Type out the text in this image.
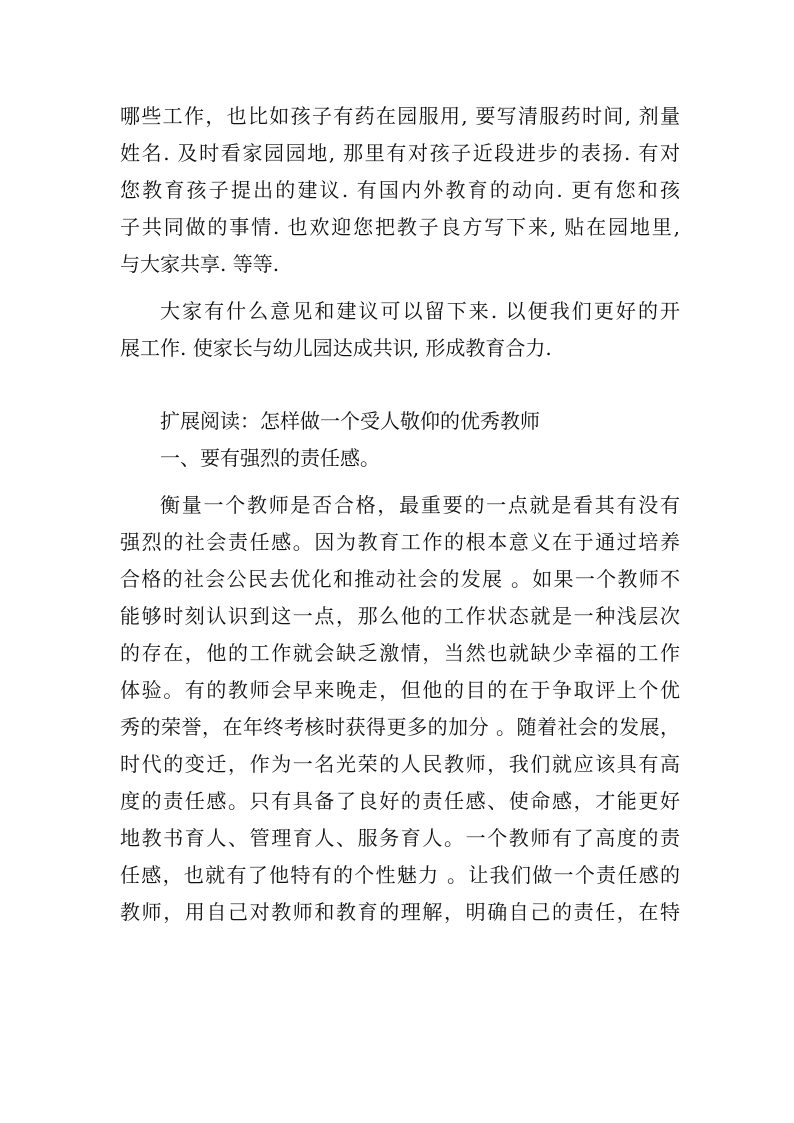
哪些工作，也比如孩子有药在园服用, 要写清服药时间, 剂量
姓名. 及时看家园园地, 那里有对孩子近段进步的表扬. 有对
您教育孩子提出的建议. 有国内外教育的动向. 更有您和孩
子共同做的事情. 也欢迎您把教子良方写下来, 贴在园地里,
与大家共享. 等等.
大家有什么意见和建议可以留下来. 以便我们更好的开
展工作. 使家长与幼儿园达成共识, 形成教育合力.
扩展阅读：怎样做一个受人敬仰的优秀教师
一、要有强烈的责任感。
衡量一个教师是否合格，最重要的一点就是看其有没有
强烈的社会责任感。因为教育工作的根本意义在于通过培养
合格的社会公民去优化和推动社会的发展 。如果一个教师不
能够时刻认识到这一点，那么他的工作状态就是一种浅层次
的存在，他的工作就会缺乏激情，当然也就缺少幸福的工作
体验。有的教师会早来晚走，但他的目的在于争取评上个优
秀的荣誉，在年终考核时获得更多的加分 。随着社会的发展，
时代的变迁，作为一名光荣的人民教师，我们就应该具有高
度的责任感。只有具备了良好的责任感、使命感，才能更好
地教书育人、管理育人、服务育人。一个教师有了高度的责
任感，也就有了他特有的个性魅力 。让我们做一个责任感的
教师，用自己对教师和教育的理解，明确自己的责任，在特
